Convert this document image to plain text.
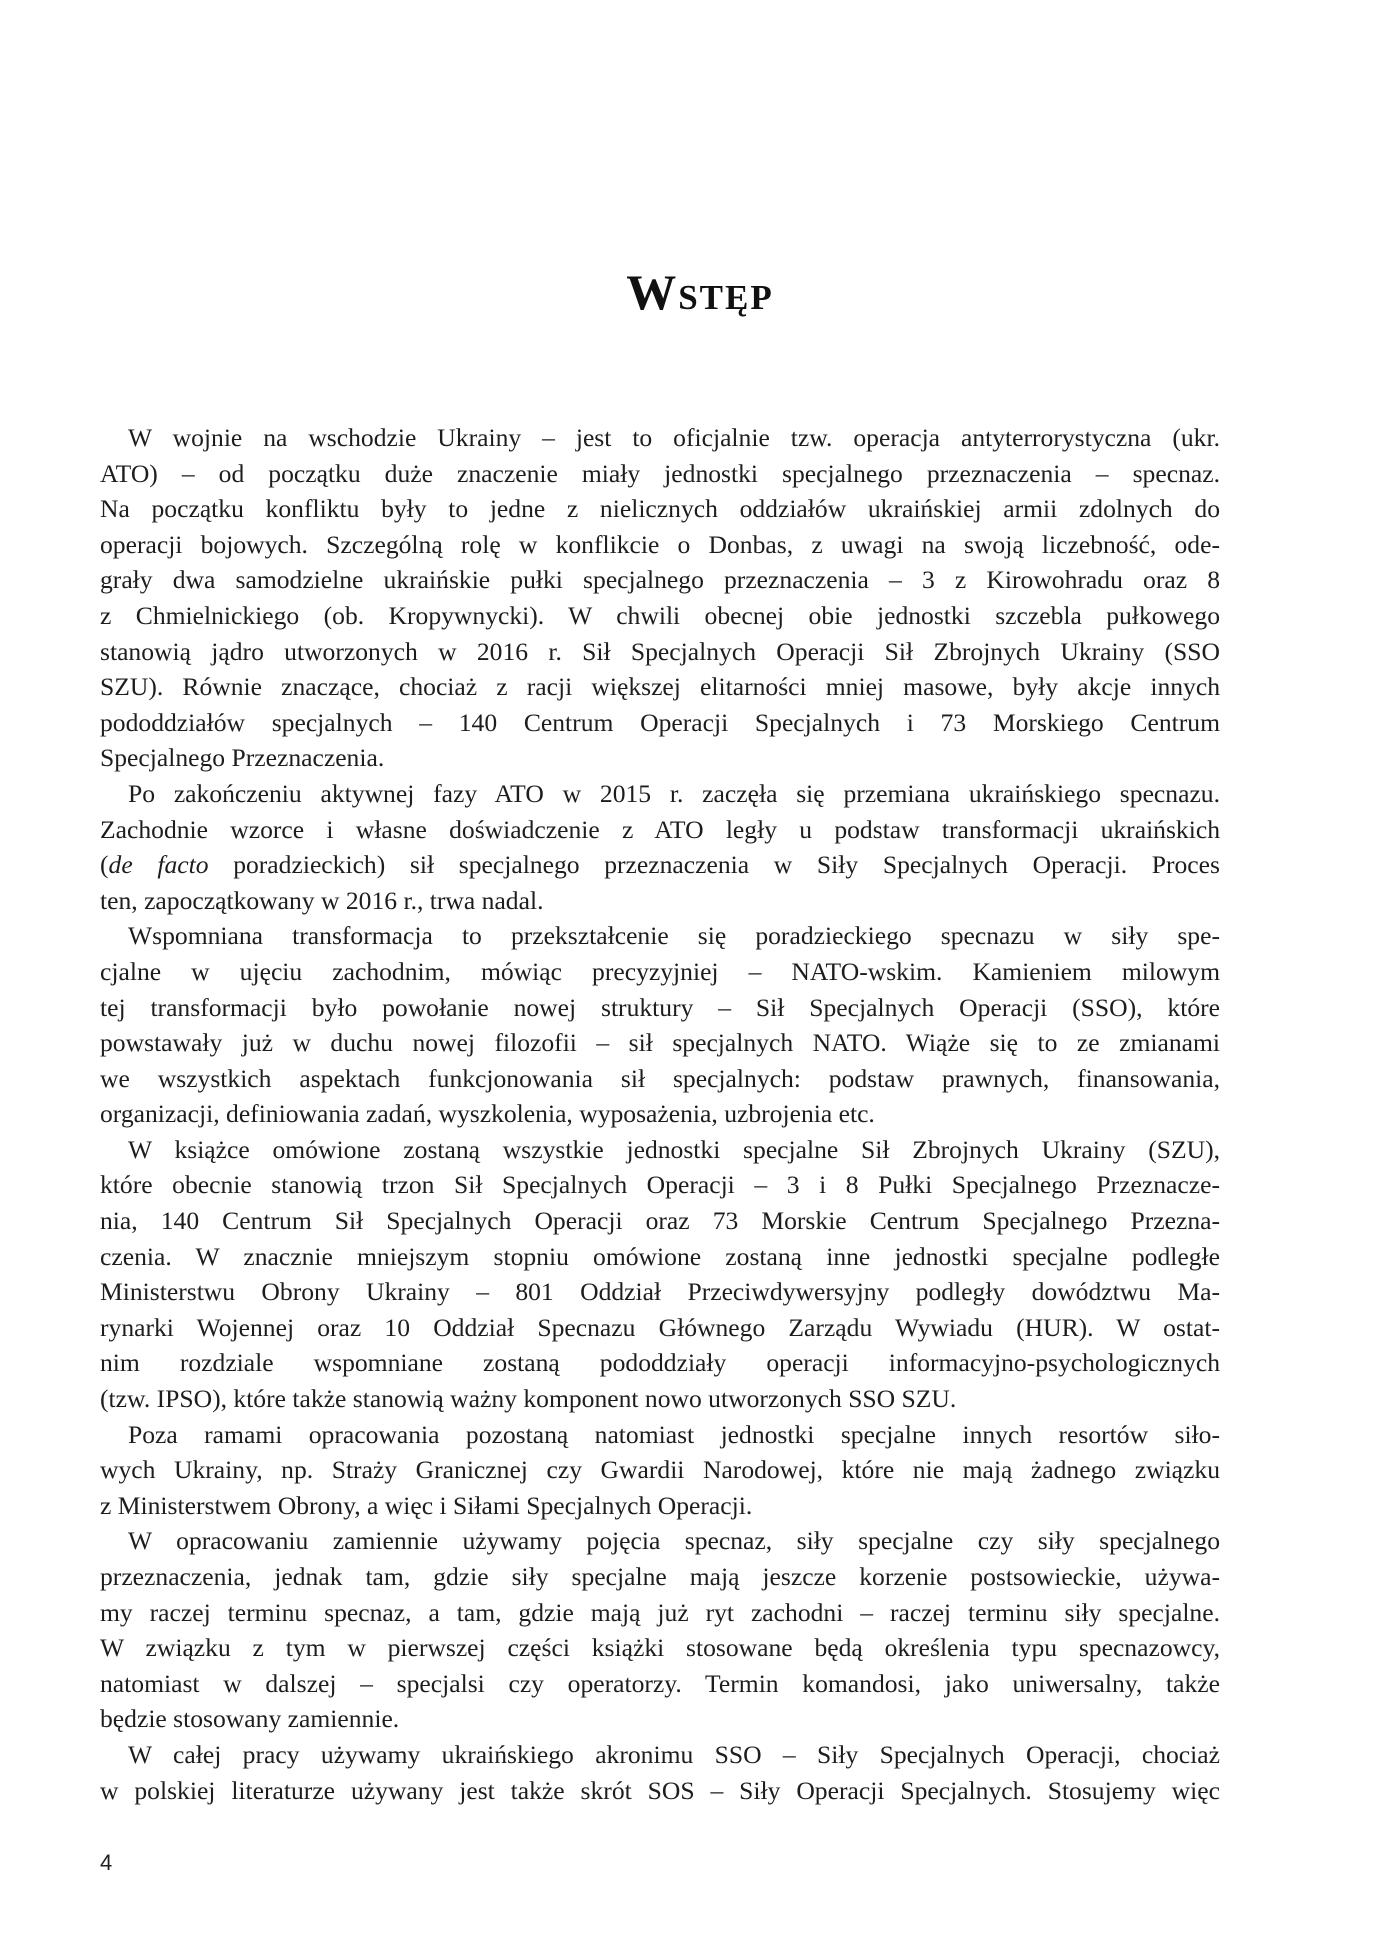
Wstęp

W wojnie na wschodzie Ukrainy – jest to oficjalnie tzw. operacja antyterrorystyczna (ukr.
ATO) – od początku duże znaczenie miały jednostki specjalnego przeznaczenia – specnaz.
Na początku konfliktu były to jedne z nielicznych oddziałów ukraińskiej armii zdolnych do
operacji bojowych. Szczególną rolę w konflikcie o Donbas, z uwagi na swoją liczebność, ode-
grały dwa samodzielne ukraińskie pułki specjalnego przeznaczenia – 3 z Kirowohradu oraz 8
z Chmielnickiego (ob. Kropywnycki). W chwili obecnej obie jednostki szczebla pułkowego
stanowią jądro utworzonych w 2016 r. Sił Specjalnych Operacji Sił Zbrojnych Ukrainy (SSO
SZU). Równie znaczące, chociaż z racji większej elitarności mniej masowe, były akcje innych
pododdziałów specjalnych – 140 Centrum Operacji Specjalnych i 73 Morskiego Centrum
Specjalnego Przeznaczenia.

Po zakończeniu aktywnej fazy ATO w 2015 r. zaczęła się przemiana ukraińskiego specnazu.
Zachodnie wzorce i własne doświadczenie z ATO legły u podstaw transformacji ukraińskich
(de facto poradzieckich) sił specjalnego przeznaczenia w Siły Specjalnych Operacji. Proces
ten, zapoczątkowany w 2016 r., trwa nadal.

Wspomniana transformacja to przekształcenie się poradzieckiego specnazu w siły spe-
cjalne w ujęciu zachodnim, mówiąc precyzyjniej – NATO-wskim. Kamieniem milowym
tej transformacji było powołanie nowej struktury – Sił Specjalnych Operacji (SSO), które
powstawały już w duchu nowej filozofii – sił specjalnych NATO. Wiąże się to ze zmianami
we wszystkich aspektach funkcjonowania sił specjalnych: podstaw prawnych, finansowania,
organizacji, definiowania zadań, wyszkolenia, wyposażenia, uzbrojenia etc.

W książce omówione zostaną wszystkie jednostki specjalne Sił Zbrojnych Ukrainy (SZU),
które obecnie stanowią trzon Sił Specjalnych Operacji – 3 i 8 Pułki Specjalnego Przeznacze-
nia, 140 Centrum Sił Specjalnych Operacji oraz 73 Morskie Centrum Specjalnego Przezna-
czenia. W znacznie mniejszym stopniu omówione zostaną inne jednostki specjalne podległe
Ministerstwu Obrony Ukrainy – 801 Oddział Przeciwdywersyjny podległy dowództwu Ma-
rynarki Wojennej oraz 10 Oddział Specnazu Głównego Zarządu Wywiadu (HUR). W ostat-
nim rozdziale wspomniane zostaną pododdziały operacji informacyjno-psychologicznych
(tzw. IPSO), które także stanowią ważny komponent nowo utworzonych SSO SZU.

Poza ramami opracowania pozostaną natomiast jednostki specjalne innych resortów siło-
wych Ukrainy, np. Straży Granicznej czy Gwardii Narodowej, które nie mają żadnego związku
z Ministerstwem Obrony, a więc i Siłami Specjalnych Operacji.

W opracowaniu zamiennie używamy pojęcia specnaz, siły specjalne czy siły specjalnego
przeznaczenia, jednak tam, gdzie siły specjalne mają jeszcze korzenie postsowieckie, używa-
my raczej terminu specnaz, a tam, gdzie mają już ryt zachodni – raczej terminu siły specjalne.
W związku z tym w pierwszej części książki stosowane będą określenia typu specnazowcy,
natomiast w dalszej – specjalsi czy operatorzy. Termin komandosi, jako uniwersalny, także
będzie stosowany zamiennie.

W całej pracy używamy ukraińskiego akronimu SSO – Siły Specjalnych Operacji, chociaż
w polskiej literaturze używany jest także skrót SOS – Siły Operacji Specjalnych. Stosujemy więc

4
